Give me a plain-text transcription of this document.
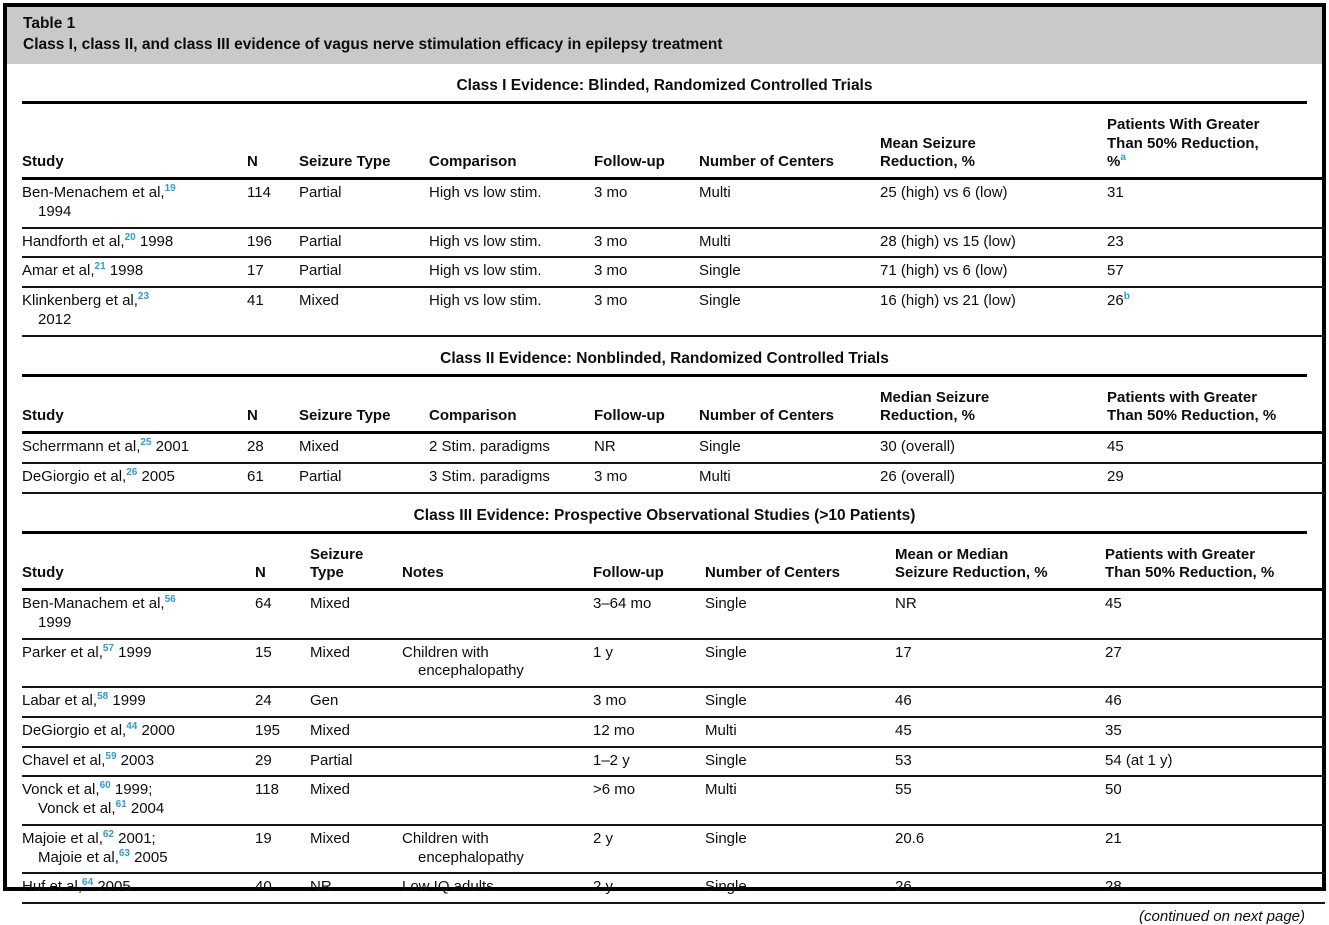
Table 1
Class I, class II, and class III evidence of vagus nerve stimulation efficacy in epilepsy treatment
Class I Evidence: Blinded, Randomized Controlled Trials
Study	N	Seizure Type	Comparison	Follow-up	Number of Centers	Mean Seizure
Reduction, %	Patients With Greater
Than 50% Reduction,
%$^a$
Ben-Menachem et al,$^{19}$
1994	114	Partial	High vs low stim.	3 mo	Multi	25 (high) vs 6 (low)	31
Handforth et al,$^{20}$ 1998	196	Partial	High vs low stim.	3 mo	Multi	28 (high) vs 15 (low)	23
Amar et al,$^{21}$ 1998	17	Partial	High vs low stim.	3 mo	Single	71 (high) vs 6 (low)	57
Klinkenberg et al,$^{23}$
2012	41	Mixed	High vs low stim.	3 mo	Single	16 (high) vs 21 (low)	26$^b$
Class II Evidence: Nonblinded, Randomized Controlled Trials
Study	N	Seizure Type	Comparison	Follow-up	Number of Centers	Median Seizure
Reduction, %	Patients with Greater
Than 50% Reduction, %
Scherrmann et al,$^{25}$ 2001	28	Mixed	2 Stim. paradigms	NR	Single	30 (overall)	45
DeGiorgio et al,$^{26}$ 2005	61	Partial	3 Stim. paradigms	3 mo	Multi	26 (overall)	29
Class III Evidence: Prospective Observational Studies (>10 Patients)
Study	N	Seizure
Type	Notes	Follow-up	Number of Centers	Mean or Median
Seizure Reduction, %	Patients with Greater
Than 50% Reduction, %
Ben-Manachem et al,$^{56}$
1999	64	Mixed		3–64 mo	Single	NR	45
Parker et al,$^{57}$ 1999	15	Mixed	Children with
encephalopathy	1 y	Single	17	27
Labar et al,$^{58}$ 1999	24	Gen		3 mo	Single	46	46
DeGiorgio et al,$^{44}$ 2000	195	Mixed		12 mo	Multi	45	35
Chavel et al,$^{59}$ 2003	29	Partial		1–2 y	Single	53	54 (at 1 y)
Vonck et al,$^{60}$ 1999;
Vonck et al,$^{61}$ 2004	118	Mixed		>6 mo	Multi	55	50
Majoie et al,$^{62}$ 2001;
Majoie et al,$^{63}$ 2005	19	Mixed	Children with
encephalopathy	2 y	Single	20.6	21
Huf et al,$^{64}$ 2005	40	NR	Low IQ adults	2 y	Single	26	28
(continued on next page)
